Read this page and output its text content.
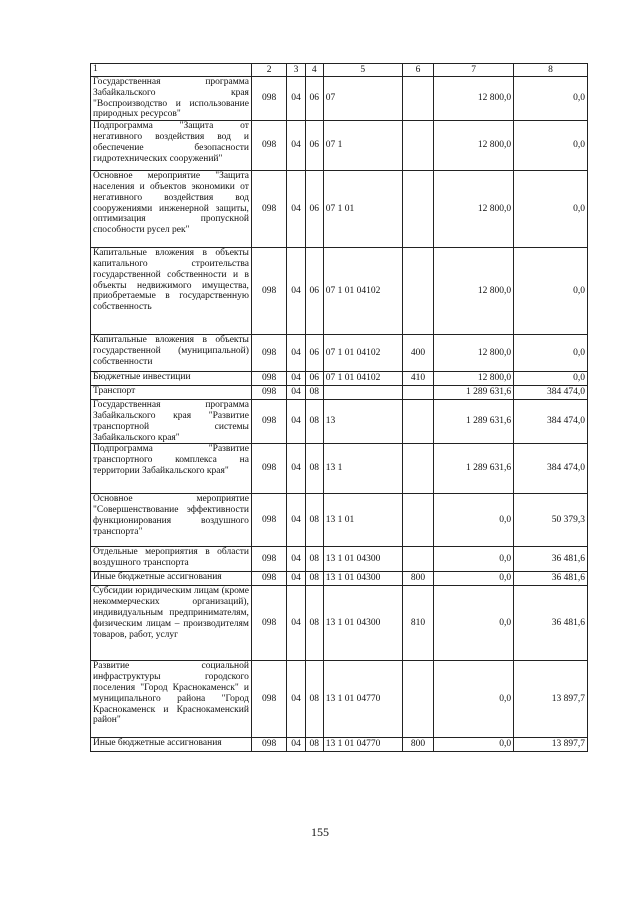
1	2	3	4	5	6	7	8
Государственная программа Забайкальского края "Воспроизводство и использование природных ресурсов"	098	04	06	07		12 800,0	0,0
Подпрограмма "Защита от негативного воздействия вод и обеспечение безопасности гидротехнических сооружений"	098	04	06	07 1		12 800,0	0,0
Основное мероприятие "Защита населения и объектов экономики от негативного воздействия вод сооружениями инженерной защиты, оптимизация пропускной способности русел рек"	098	04	06	07 1 01		12 800,0	0,0
Капитальные вложения в объекты капитального строительства государственной собственности и в объекты недвижимого имущества, приобретаемые в государственную собственность	098	04	06	07 1 01 04102		12 800,0	0,0
Капитальные вложения в объекты государственной (муниципальной) собственности	098	04	06	07 1 01 04102	400	12 800,0	0,0
Бюджетные инвестиции	098	04	06	07 1 01 04102	410	12 800,0	0,0
Транспорт	098	04	08			1 289 631,6	384 474,0
Государственная программа Забайкальского края "Развитие транспортной системы Забайкальского края"	098	04	08	13		1 289 631,6	384 474,0
Подпрограмма "Развитие транспортного комплекса на территории Забайкальского края"	098	04	08	13 1		1 289 631,6	384 474,0
Основное мероприятие "Совершенствование эффективности функционирования воздушного транспорта"	098	04	08	13 1 01		0,0	50 379,3
Отдельные мероприятия в области воздушного транспорта	098	04	08	13 1 01 04300		0,0	36 481,6
Иные бюджетные ассигнования	098	04	08	13 1 01 04300	800	0,0	36 481,6
Субсидии юридическим лицам (кроме некоммерческих организаций), индивидуальным предпринимателям, физическим лицам – производителям товаров, работ, услуг	098	04	08	13 1 01 04300	810	0,0	36 481,6
Развитие социальной инфраструктуры городского поселения "Город Краснокаменск" и муниципального района "Город Краснокаменск и Краснокаменский район"	098	04	08	13 1 01 04770		0,0	13 897,7
Иные бюджетные ассигнования	098	04	08	13 1 01 04770	800	0,0	13 897,7
155
